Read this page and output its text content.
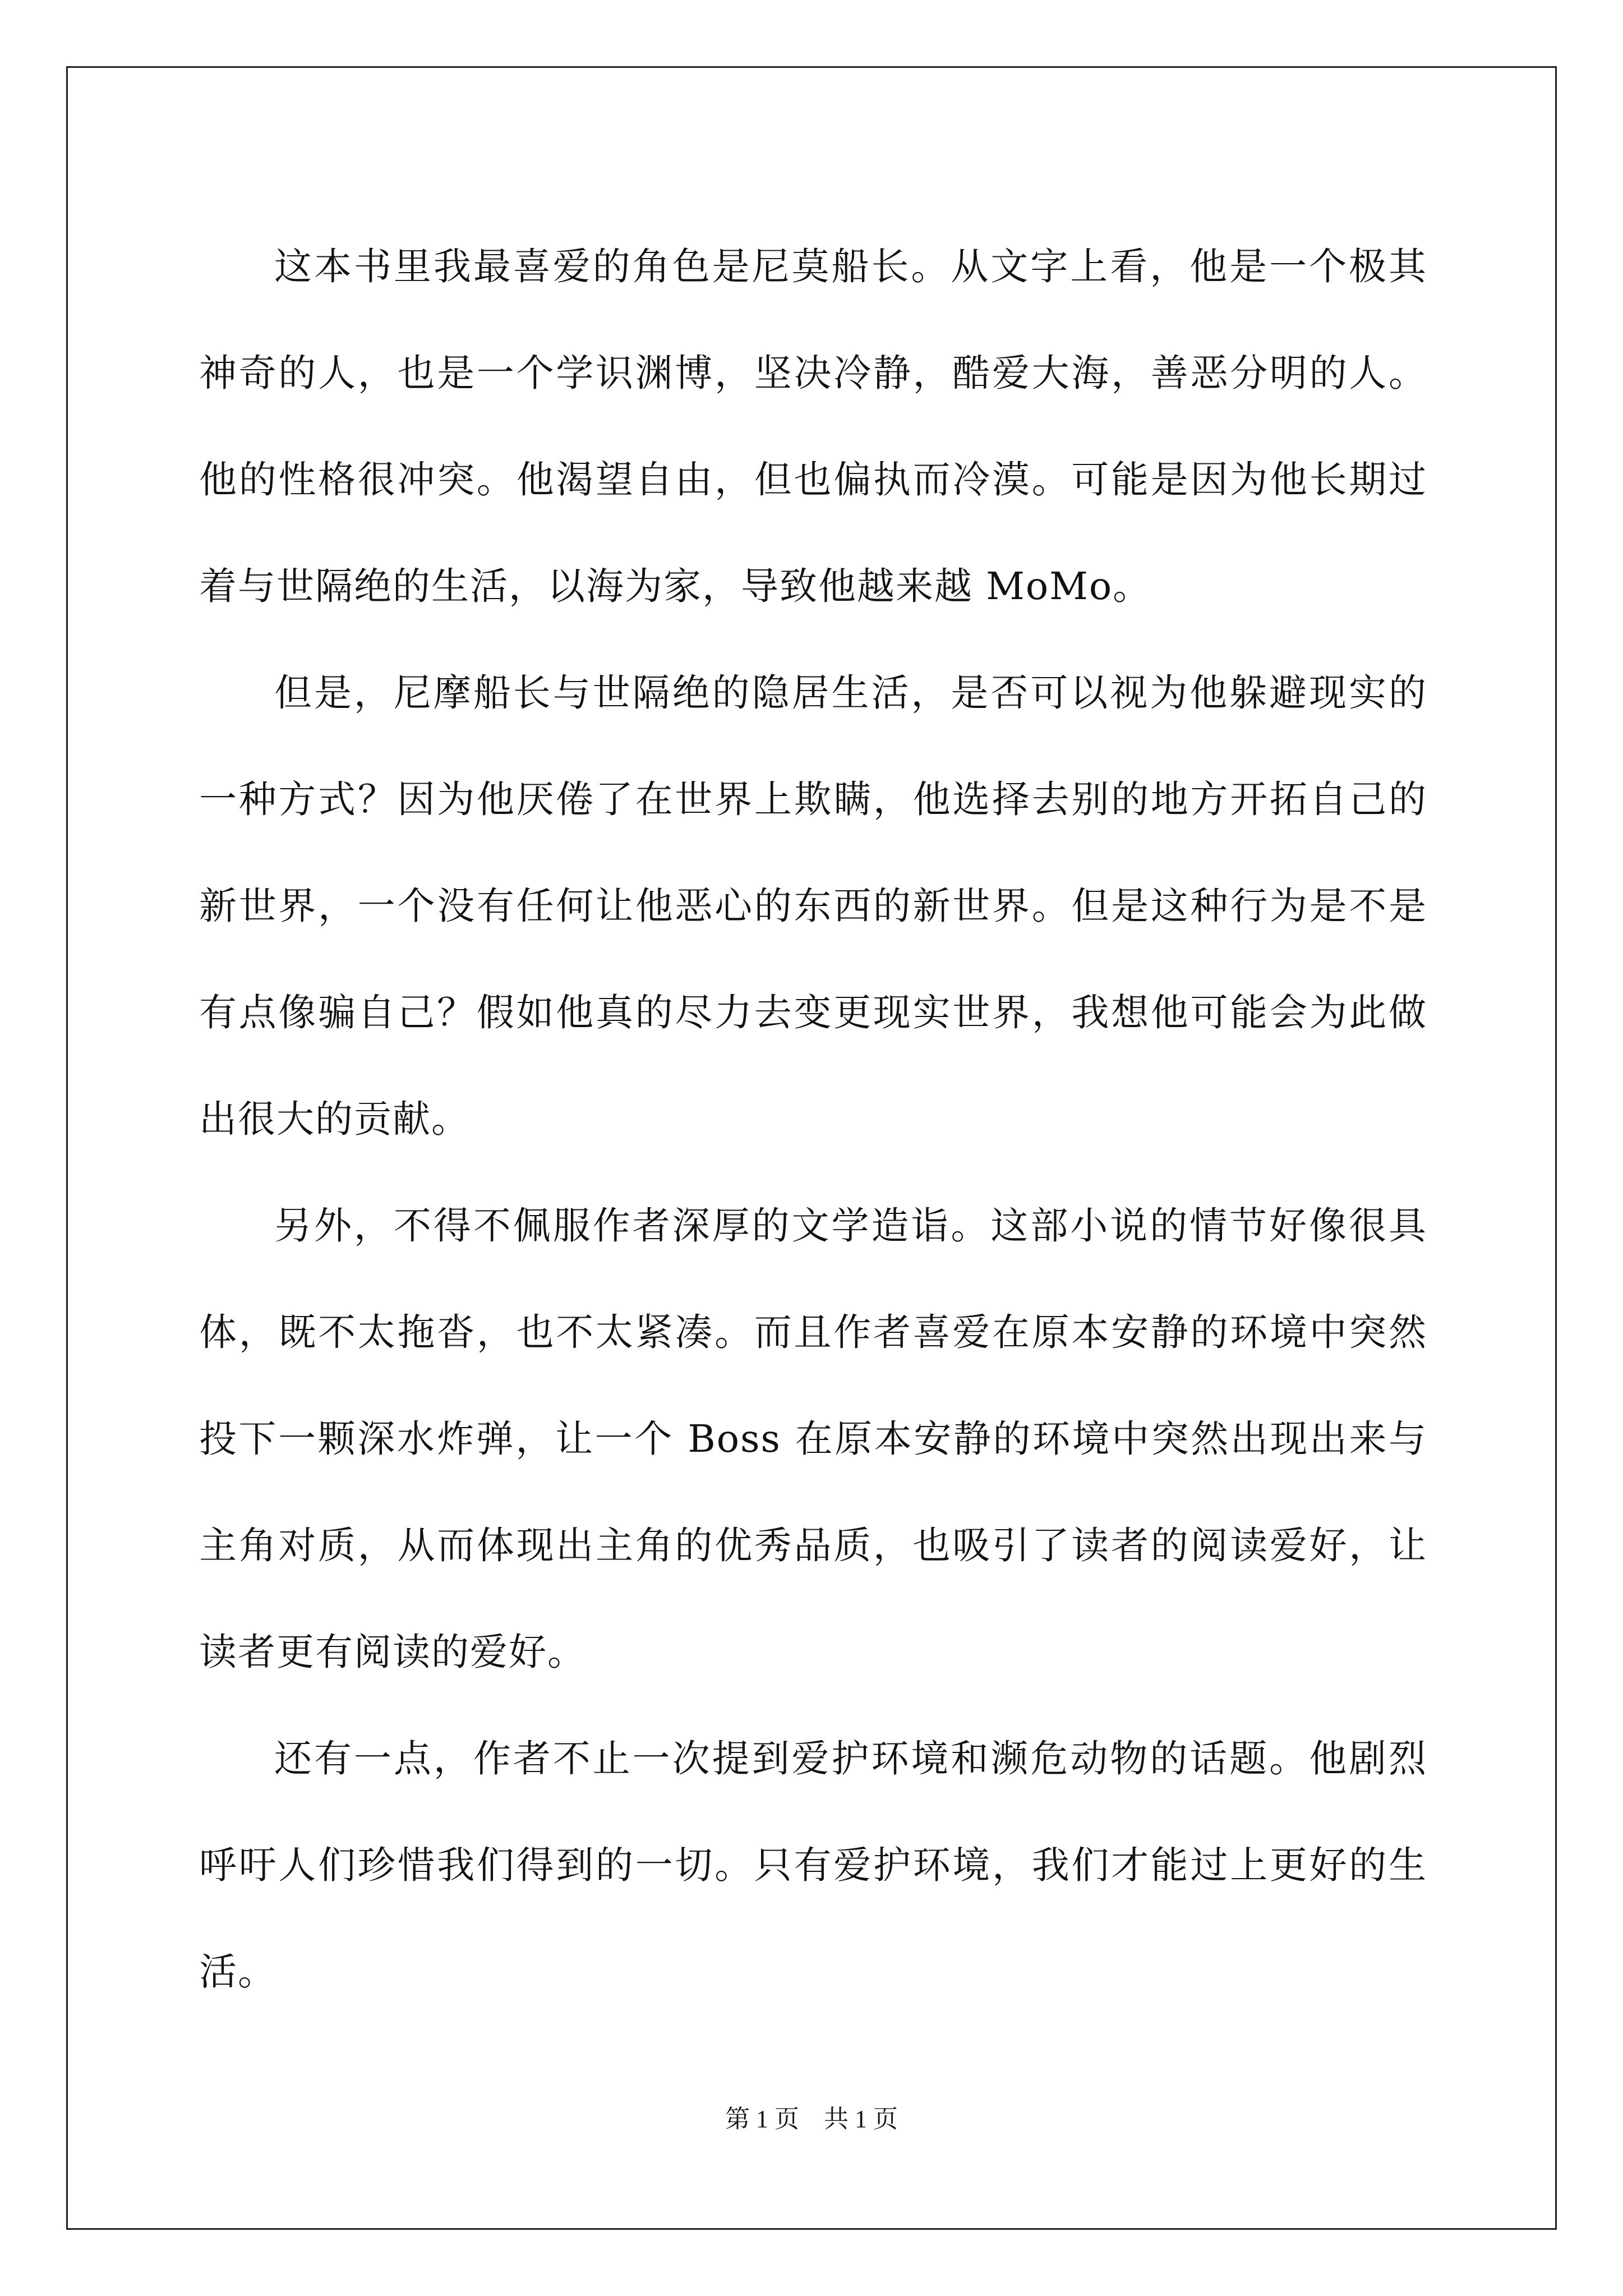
这本书里我最喜爱的角色是尼莫船长。从文字上看，他是一个极其神奇的人，也是一个学识渊博，坚决冷静，酷爱大海，善恶分明的人。他的性格很冲突。他渴望自由，但也偏执而冷漠。可能是因为他长期过着与世隔绝的生活，以海为家，导致他越来越 MoMo。

但是，尼摩船长与世隔绝的隐居生活，是否可以视为他躲避现实的一种方式？因为他厌倦了在世界上欺瞒，他选择去别的地方开拓自己的新世界，一个没有任何让他恶心的东西的新世界。但是这种行为是不是有点像骗自己？假如他真的尽力去变更现实世界，我想他可能会为此做出很大的贡献。

另外，不得不佩服作者深厚的文学造诣。这部小说的情节好像很具体，既不太拖沓，也不太紧凑。而且作者喜爱在原本安静的环境中突然投下一颗深水炸弹，让一个 Boss 在原本安静的环境中突然出现出来与主角对质，从而体现出主角的优秀品质，也吸引了读者的阅读爱好，让读者更有阅读的爱好。

还有一点，作者不止一次提到爱护环境和濒危动物的话题。他剧烈呼吁人们珍惜我们得到的一切。只有爱护环境，我们才能过上更好的生活。

第 1 页　共 1 页
